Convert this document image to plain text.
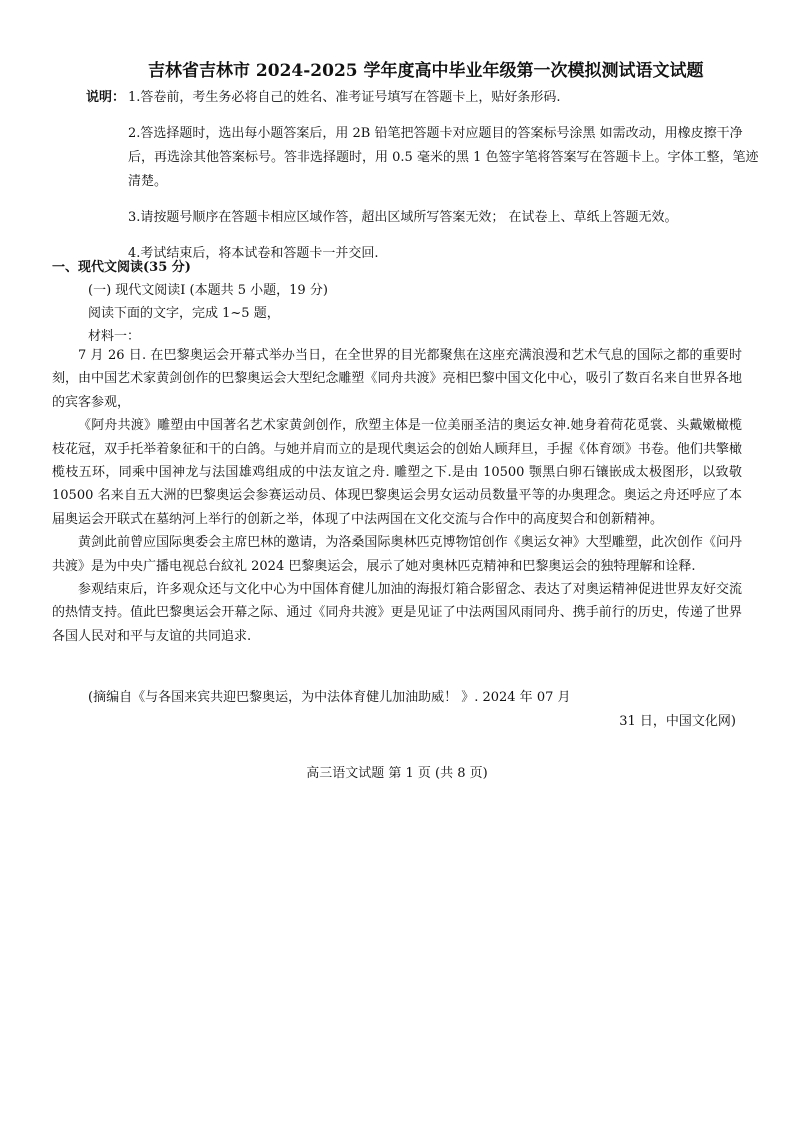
吉林省吉林市 2024-2025 学年度高中毕业年级第一次模拟测试语文试题
说明： 1.答卷前，考生务必将自己的姓名、准考证号填写在答题卡上，贴好条形码.
2.答选择题时，选出每小题答案后，用 2B 铅笔把答题卡对应题目的答案标号涂黑 如需改动，用橡皮擦干净后，再选涂其他答案标号。答非选择题时，用 0.5 毫米的黑 1 色签字笔将答案写在答题卡上。字体工整，笔迹清楚。
3.请按题号顺序在答题卡相应区域作答，超出区域所写答案无效； 在试卷上、草纸上答题无效。
4.考试结束后，将本试卷和答题卡一并交回.
一、现代文阅读(35 分)
(一) 现代文阅读Ⅰ (本题共 5 小题，19 分)
阅读下面的文字，完成 1~5 题，
材料一：

7 月 26 日. 在巴黎奥运会开幕式举办当日，在全世界的目光都聚焦在这座充满浪漫和艺术气息的国际之都的重要时刻，由中国艺术家黄剑创作的巴黎奥运会大型纪念雕塑《同舟共渡》亮相巴黎中国文化中心，吸引了数百名来自世界各地的宾客参观，

《阿舟共渡》雕塑由中国著名艺术家黄剑创作，欣塑主体是一位美丽圣洁的奥运女神.她身着荷花觅裳、头戴嫩橄榄枝花冠，双手托举着象征和干的白鸽。与她并肩而立的是现代奥运会的创始人顾拜旦，手握《体育颂》书卷。他们共擎橄榄枝五环，同乘中国神龙与法国雄鸡组成的中法友谊之舟. 雕塑之下.是由 10500 颚黑白卵石镶嵌成太极图形，以致敬 10500 名来自五大洲的巴黎奥运会参赛运动员、体现巴黎奥运会男女运动员数量平等的办奥理念。奥运之舟还呼应了本届奥运会开联式在墓纳河上举行的创新之举，体现了中法两国在文化交流与合作中的高度契合和创新精神。

黄剑此前曾应国际奥委会主席巴林的邀请，为洛桑国际奥林匹克博物馆创作《奥运女神》大型雕塑，此次创作《问丹共渡》是为中央广播电视总台紋礼 2024 巴黎奥运会，展示了她对奥林匹克精神和巴黎奥运会的独特理解和诠释.

参观结束后，许多观众还与文化中心为中国体育健儿加油的海报灯箱合影留念、表达了对奥运精神促进世界友好交流的热情支持。值此巴黎奥运会开幕之际、通过《同舟共渡》更是见证了中法两国风雨同舟、携手前行的历史，传递了世界各国人民对和平与友谊的共同追求.

(摘编自《与各国来宾共迎巴黎奥运，为中法体育健儿加油助威！ 》. 2024 年 07 月
31 日，中国文化网)
高三语文试题 第 1 页 (共 8 页)
